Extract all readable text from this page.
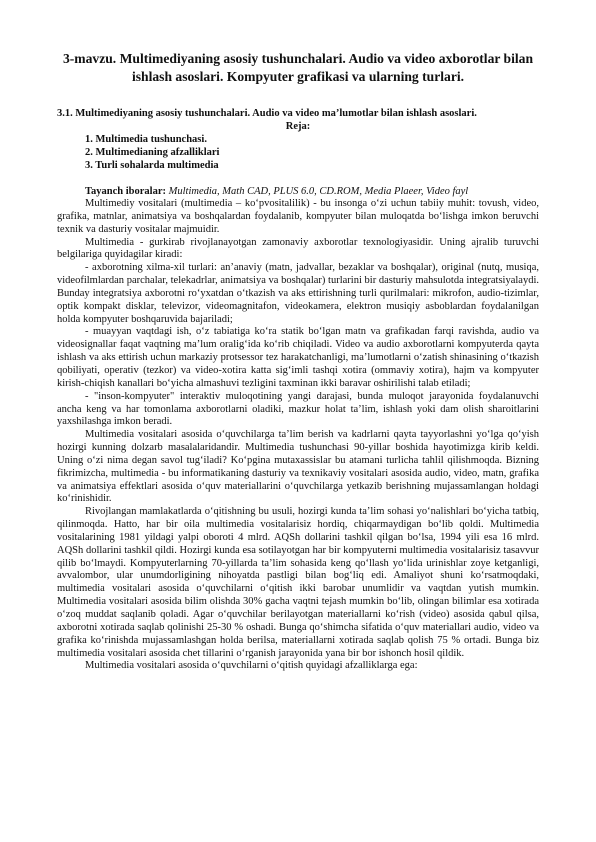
3-mavzu. Multimediyaning asosiy tushunchalari. Audio va video axborotlar bilan ishlash asoslari. Kompyuter grafikasi va ularning turlari.
3.1. Multimediyaning asosiy tushunchalari. Audio va video ma’lumotlar bilan ishlash asoslari.
Reja:
1. Multimedia tushunchasi.
2. Multimedianing afzalliklari
3. Turli sohalarda multimedia
Tayanch iboralar: Multimedia, Math CAD, PLUS 6.0, CD.ROM, Media Plaeer, Video fayl

Multimediy vositalari (multimedia – ko‘pvositalilik) - bu insonga o‘zi uchun tabiiy muhit: tovush, video, grafika, matnlar, animatsiya va boshqalardan foydalanib, kompyuter bilan muloqatda bo‘lishga imkon beruvchi texnik va dasturiy vositalar majmuidir.

Multimedia - gurkirab rivojlanayotgan zamonaviy axborotlar texnologiyasidir. Uning ajralib turuvchi belgilariga quyidagilar kiradi:

- axborotning xilma-xil turlari: an’anaviy (matn, jadvallar, bezaklar va boshqalar), original (nutq, musiqa, videofilmlardan parchalar, telekadrlar, animatsiya va boshqalar) turlarini bir dasturiy mahsulotda integratsiyalaydi. Bunday integratsiya axborotni ro‘yxatdan o‘tkazish va aks ettirishning turli qurilmalari: mikrofon, audio-tizimlar, optik kompakt disklar, televizor, videomagnitafon, videokamera, elektron musiqiy asboblardan foydalanilgan holda kompyuter boshqaruvida bajariladi;

- muayyan vaqtdagi ish, o‘z tabiatiga ko‘ra statik bo‘lgan matn va grafikadan farqi ravishda, audio va videosignallar faqat vaqtning ma’lum oralig‘ida ko‘rib chiqiladi. Video va audio axborotlarni kompyuterda qayta ishlash va aks ettirish uchun markaziy protsessor tez harakatchanligi, ma’lumotlarni o‘zatish shinasining o‘tkazish qobiliyati, operativ (tezkor) va video-xotira katta sig‘imli tashqi xotira (ommaviy xotira), hajm va kompyuter kirish-chiqish kanallari bo‘yicha almashuvi tezligini taxminan ikki baravar oshirilishi talab etiladi;

- "inson-kompyuter" interaktiv muloqotining yangi darajasi, bunda muloqot jarayonida foydalanuvchi ancha keng va har tomonlama axborotlarni oladiki, mazkur holat ta’lim, ishlash yoki dam olish sharoitlarini yaxshilashga imkon beradi.

Multimedia vositalari asosida o‘quvchilarga ta’lim berish va kadrlarni qayta tayyorlashni yo‘lga qo‘yish hozirgi kunning dolzarb masalalaridandir. Multimedia tushunchasi 90-yillar boshida hayotimizga kirib keldi. Uning o‘zi nima degan savol tug‘iladi? Ko‘pgina mutaxassislar bu atamani turlicha tahlil qilishmoqda. Bizning fikrimizcha, multimedia - bu informatikaning dasturiy va texnikaviy vositalari asosida audio, video, matn, grafika va animatsiya effektlari asosida o‘quv materiallarini o‘quvchilarga yetkazib berishning mujassamlangan holdagi ko‘rinishidir.

Rivojlangan mamlakatlarda o‘qitishning bu usuli, hozirgi kunda ta’lim sohasi yo‘nalishlari bo‘yicha tatbiq, qilinmoqda. Hatto, har bir oila multimedia vositalarisiz hordiq, chiqarmaydigan bo‘lib qoldi. Multimedia vositalarining 1981 yildagi yalpi oboroti 4 mlrd. AQSh dollarini tashkil qilgan bo‘lsa, 1994 yili esa 16 mlrd. AQSh dollarini tashkil qildi. Hozirgi kunda esa sotilayotgan har bir kompyuterni multimedia vositalarisiz tasavvur qilib bo‘lmaydi. Kompyuterlarning 70-yillarda ta’lim sohasida keng qo‘llash yo‘lida urinishlar zoye ketganligi, avvalombor, ular unumdorligining nihoyatda pastligi bilan bog‘liq edi. Amaliyot shuni ko‘rsatmoqdaki, multimedia vositalari asosida o‘quvchilarni o‘qitish ikki barobar unumlidir va vaqtdan yutish mumkin. Multimedia vositalari asosida bilim olishda 30% gacha vaqtni tejash mumkin bo‘lib, olingan bilimlar esa xotirada o‘zoq muddat saqlanib qoladi. Agar o‘quvchilar berilayotgan materiallarni ko‘rish (video) asosida qabul qilsa, axborotni xotirada saqlab qolinishi 25-30 % oshadi. Bunga qo‘shimcha sifatida o‘quv materiallari audio, video va grafika ko‘rinishda mujassamlashgan holda berilsa, materiallarni xotirada saqlab qolish 75 % ortadi. Bunga biz multimedia vositalari asosida chet tillarini o‘rganish jarayonida yana bir bor ishonch hosil qildik.

Multimedia vositalari asosida o‘quvchilarni o‘qitish quyidagi afzalliklarga ega:
